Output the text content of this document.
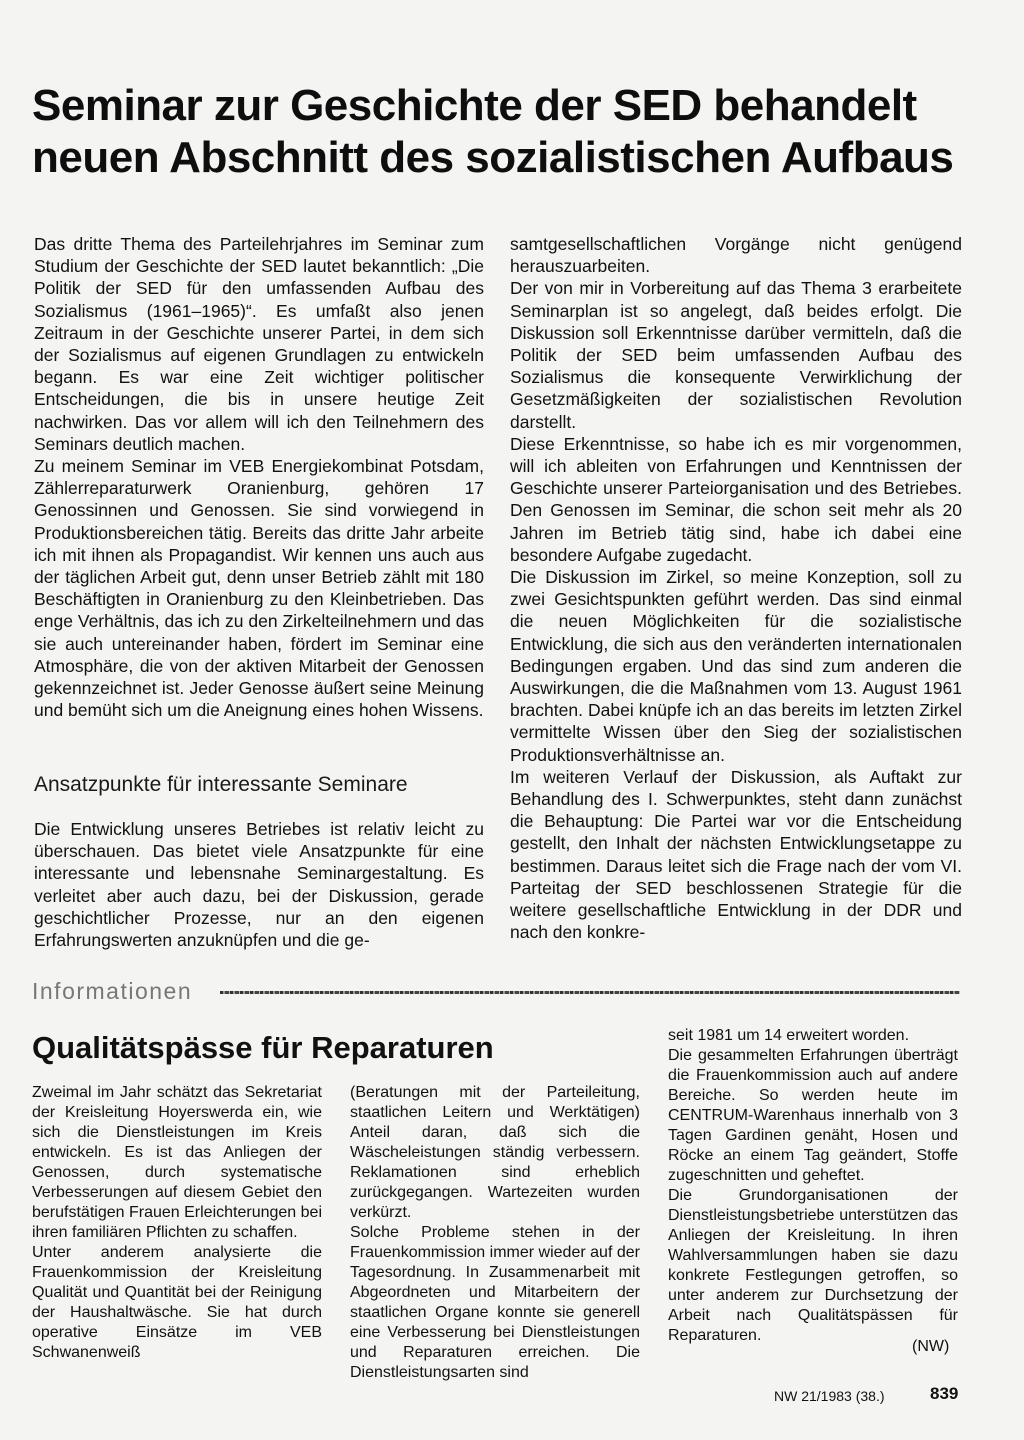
Seminar zur Geschichte der SED behandelt
neuen Abschnitt des sozialistischen Aufbaus

Das dritte Thema des Parteilehrjahres im Seminar zum Studium der Geschichte der SED lautet bekanntlich: „Die Politik der SED für den umfassenden Aufbau des Sozialismus (1961–1965)“. Es umfaßt also jenen Zeitraum in der Geschichte unserer Partei, in dem sich der Sozialismus auf eigenen Grundlagen zu entwickeln begann. Es war eine Zeit wichtiger politischer Entscheidungen, die bis in unsere heutige Zeit nachwirken. Das vor allem will ich den Teilnehmern des Seminars deutlich machen.

Zu meinem Seminar im VEB Energiekombinat Potsdam, Zählerreparaturwerk Oranienburg, gehören 17 Genossinnen und Genossen. Sie sind vorwiegend in Produktionsbereichen tätig. Bereits das dritte Jahr arbeite ich mit ihnen als Propagandist. Wir kennen uns auch aus der täglichen Arbeit gut, denn unser Betrieb zählt mit 180 Beschäftigten in Oranienburg zu den Kleinbetrieben. Das enge Verhältnis, das ich zu den Zirkelteilnehmern und das sie auch untereinander haben, fördert im Seminar eine Atmosphäre, die von der aktiven Mitarbeit der Genossen gekennzeichnet ist. Jeder Genosse äußert seine Meinung und bemüht sich um die Aneignung eines hohen Wissens.

Ansatzpunkte für interessante Seminare

Die Entwicklung unseres Betriebes ist relativ leicht zu überschauen. Das bietet viele Ansatzpunkte für eine interessante und lebensnahe Seminargestaltung. Es verleitet aber auch dazu, bei der Diskussion, gerade geschichtlicher Prozesse, nur an den eigenen Erfahrungswerten anzuknüpfen und die ge-

samtgesellschaftlichen Vorgänge nicht genügend herauszuarbeiten.

Der von mir in Vorbereitung auf das Thema 3 erarbeitete Seminarplan ist so angelegt, daß beides erfolgt. Die Diskussion soll Erkenntnisse darüber vermitteln, daß die Politik der SED beim umfassenden Aufbau des Sozialismus die konsequente Verwirklichung der Gesetzmäßigkeiten der sozialistischen Revolution darstellt.

Diese Erkenntnisse, so habe ich es mir vorgenommen, will ich ableiten von Erfahrungen und Kenntnissen der Geschichte unserer Parteiorganisation und des Betriebes. Den Genossen im Seminar, die schon seit mehr als 20 Jahren im Betrieb tätig sind, habe ich dabei eine besondere Aufgabe zugedacht.

Die Diskussion im Zirkel, so meine Konzeption, soll zu zwei Gesichtspunkten geführt werden. Das sind einmal die neuen Möglichkeiten für die sozialistische Entwicklung, die sich aus den veränderten internationalen Bedingungen ergaben. Und das sind zum anderen die Auswirkungen, die die Maßnahmen vom 13. August 1961 brachten. Dabei knüpfe ich an das bereits im letzten Zirkel vermittelte Wissen über den Sieg der sozialistischen Produktionsverhältnisse an.

Im weiteren Verlauf der Diskussion, als Auftakt zur Behandlung des I. Schwerpunktes, steht dann zunächst die Behauptung: Die Partei war vor die Entscheidung gestellt, den Inhalt der nächsten Entwicklungsetappe zu bestimmen. Daraus leitet sich die Frage nach der vom VI. Parteitag der SED beschlossenen Strategie für die weitere gesellschaftliche Entwicklung in der DDR und nach den konkre-

Informationen
Qualitätspässe für Reparaturen

Zweimal im Jahr schätzt das Sekretariat der Kreisleitung Hoyerswerda ein, wie sich die Dienstleistungen im Kreis entwickeln. Es ist das Anliegen der Genossen, durch systematische Verbesserungen auf diesem Gebiet den berufstätigen Frauen Erleichterungen bei ihren familiären Pflichten zu schaffen.

Unter anderem analysierte die Frauenkommission der Kreisleitung Qualität und Quantität bei der Reinigung der Haushaltwäsche. Sie hat durch operative Einsätze im VEB Schwanenweiß

(Beratungen mit der Parteileitung, staatlichen Leitern und Werktätigen) Anteil daran, daß sich die Wäscheleistungen ständig verbessern. Reklamationen sind erheblich zurückgegangen. Wartezeiten wurden verkürzt.

Solche Probleme stehen in der Frauenkommission immer wieder auf der Tagesordnung. In Zusammenarbeit mit Abgeordneten und Mitarbeitern der staatlichen Organe konnte sie generell eine Verbesserung bei Dienstleistungen und Reparaturen erreichen. Die Dienstleistungsarten sind

seit 1981 um 14 erweitert worden.

Die gesammelten Erfahrungen überträgt die Frauenkommission auch auf andere Bereiche. So werden heute im CENTRUM-Warenhaus innerhalb von 3 Tagen Gardinen genäht, Hosen und Röcke an einem Tag geändert, Stoffe zugeschnitten und geheftet.

Die Grundorganisationen der Dienstleistungsbetriebe unterstützen das Anliegen der Kreisleitung. In ihren Wahlversammlungen haben sie dazu konkrete Festlegungen getroffen, so unter anderem zur Durchsetzung der Arbeit nach Qualitätspässen für Reparaturen.

(NW)
NW 21/1983 (38.)	839
